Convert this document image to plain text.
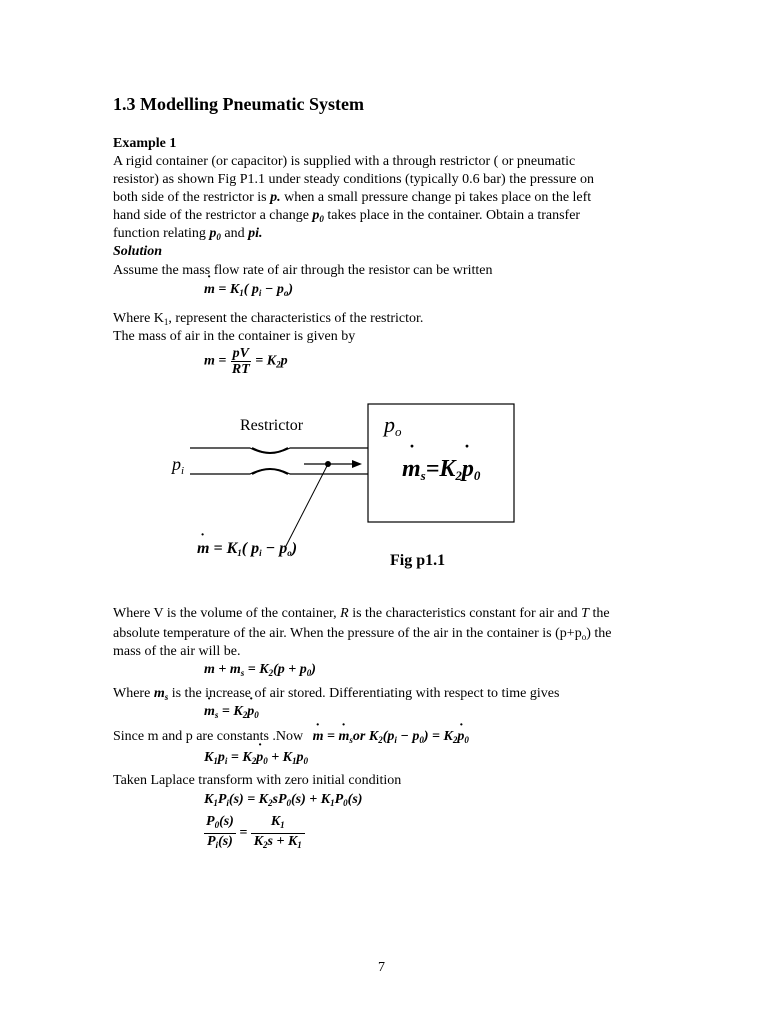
1.3 Modelling Pneumatic System
Example 1
A rigid container (or capacitor) is supplied with a through restrictor ( or pneumatic
resistor) as shown Fig P1.1 under steady conditions (typically 0.6 bar) the pressure on
both side of the restrictor is p. when a small pressure change pi takes place on the left
hand side of the restrictor a change $p_0$ takes place in the container. Obtain a transfer
function relating $p_0$ and pi.
Solution
Assume the mass flow rate of air through the resistor can be written
· $m = K_1$( $p_i - p_o$)
Where $K_1$, represent the characteristics of the restrictor.
The mass of air in the container is given by
$m = \frac{pV}{RT} = K_2p$
Restrictor	po
$p_i$	ms=K2p0
·	·
· $m = K_1$( $p_i - p_o$)
Fig p1.1
Where V is the volume of the container, R is the characteristics constant for air and T the
absolute temperature of the air. When the pressure of the air in the container is $(p+p_o)$ the
mass of the air will be.
$m + m_s = K_2(p + p_0)$
Where $m_s$ is the increase of air stored. Differentiating with respect to time gives
· $m_s = K_2\cdot p_0$
Since m and p are constants .Now · m = · $m_sor$ $K_2(p_i - p_0) = K_2\cdot p_0$
$K_1p_i = K_2\cdot p_0 + K_1p_0$
Taken Laplace transform with zero initial condition
$K_1P_i(s) = K_2sP_0(s) + K_1P_0(s)$
$\frac{P_0(s)}{P_i(s)} = \frac{K_1}{K_2s + K_1}$
7
